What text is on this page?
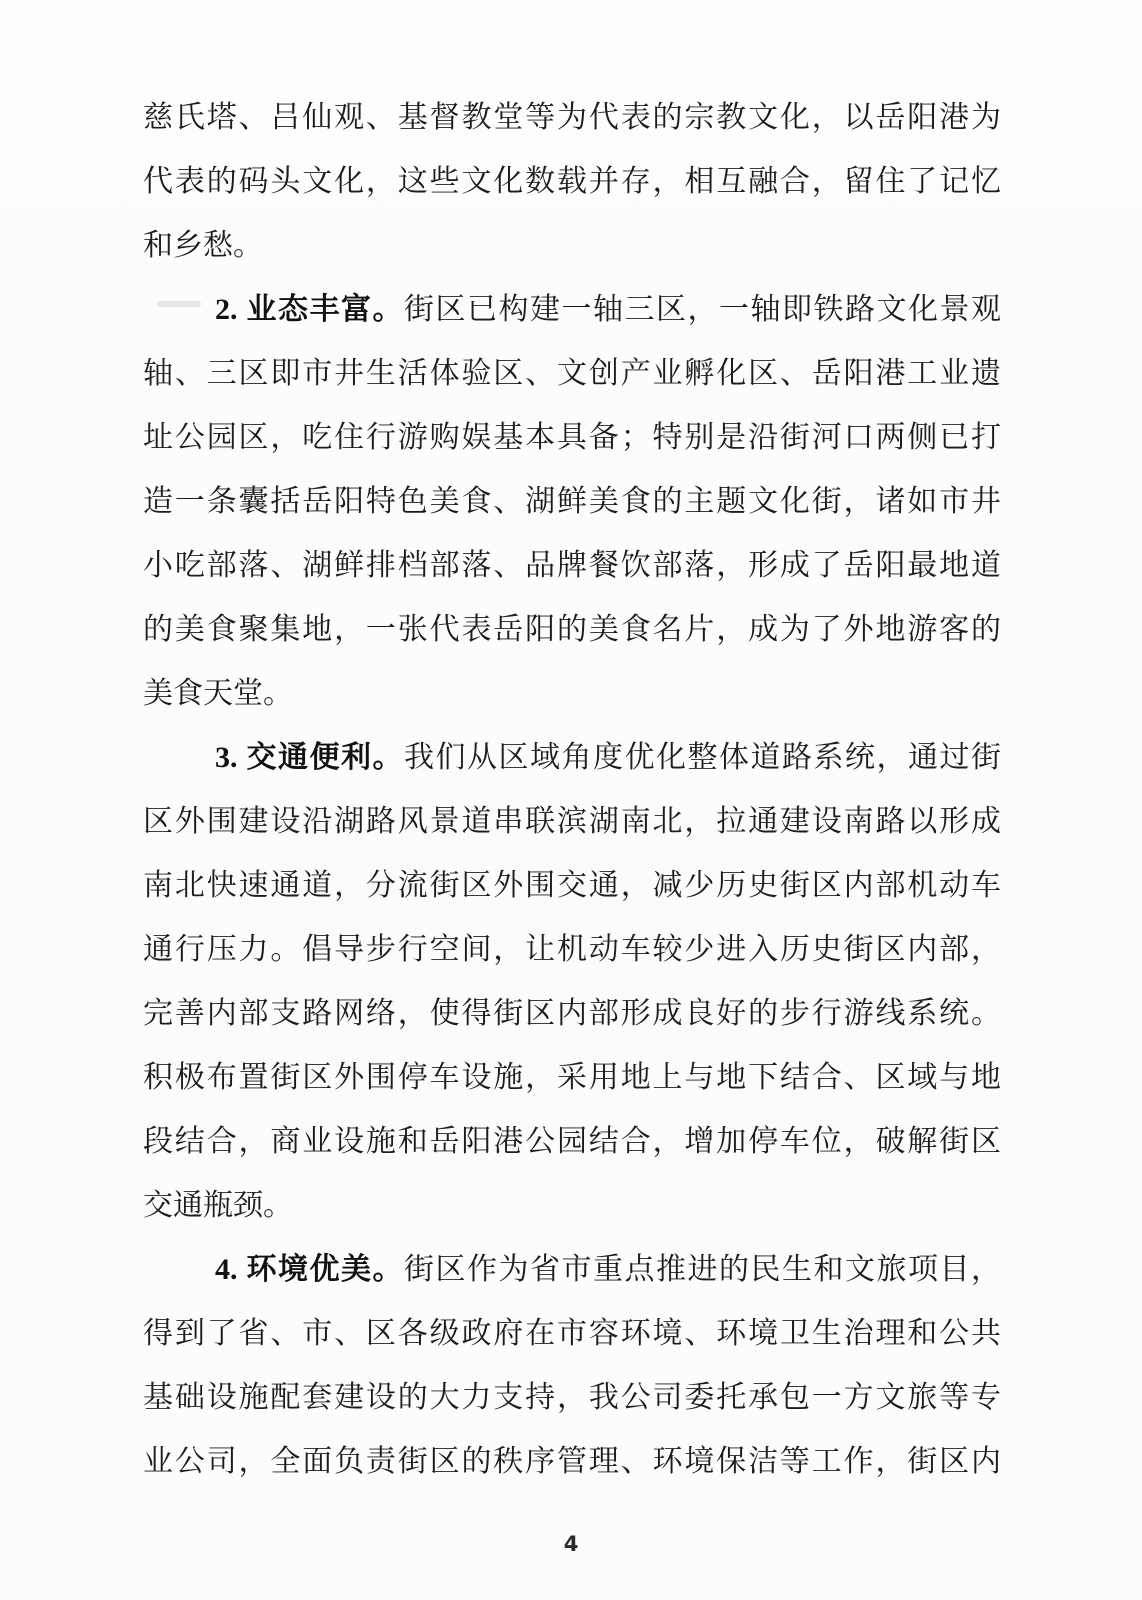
慈氏塔、吕仙观、基督教堂等为代表的宗教文化，以岳阳港为
代表的码头文化，这些文化数载并存，相互融合，留住了记忆
和乡愁。
2. 业态丰富。街区已构建一轴三区，一轴即铁路文化景观
轴、三区即市井生活体验区、文创产业孵化区、岳阳港工业遗
址公园区，吃住行游购娱基本具备；特别是沿街河口两侧已打
造一条囊括岳阳特色美食、湖鲜美食的主题文化街，诸如市井
小吃部落、湖鲜排档部落、品牌餐饮部落，形成了岳阳最地道
的美食聚集地，一张代表岳阳的美食名片，成为了外地游客的
美食天堂。
3. 交通便利。我们从区域角度优化整体道路系统，通过街
区外围建设沿湖路风景道串联滨湖南北，拉通建设南路以形成
南北快速通道，分流街区外围交通，减少历史街区内部机动车
通行压力。倡导步行空间，让机动车较少进入历史街区内部，
完善内部支路网络，使得街区内部形成良好的步行游线系统。
积极布置街区外围停车设施，采用地上与地下结合、区域与地
段结合，商业设施和岳阳港公园结合，增加停车位，破解街区
交通瓶颈。
4. 环境优美。街区作为省市重点推进的民生和文旅项目，
得到了省、市、区各级政府在市容环境、环境卫生治理和公共
基础设施配套建设的大力支持，我公司委托承包一方文旅等专
业公司，全面负责街区的秩序管理、环境保洁等工作，街区内
4
